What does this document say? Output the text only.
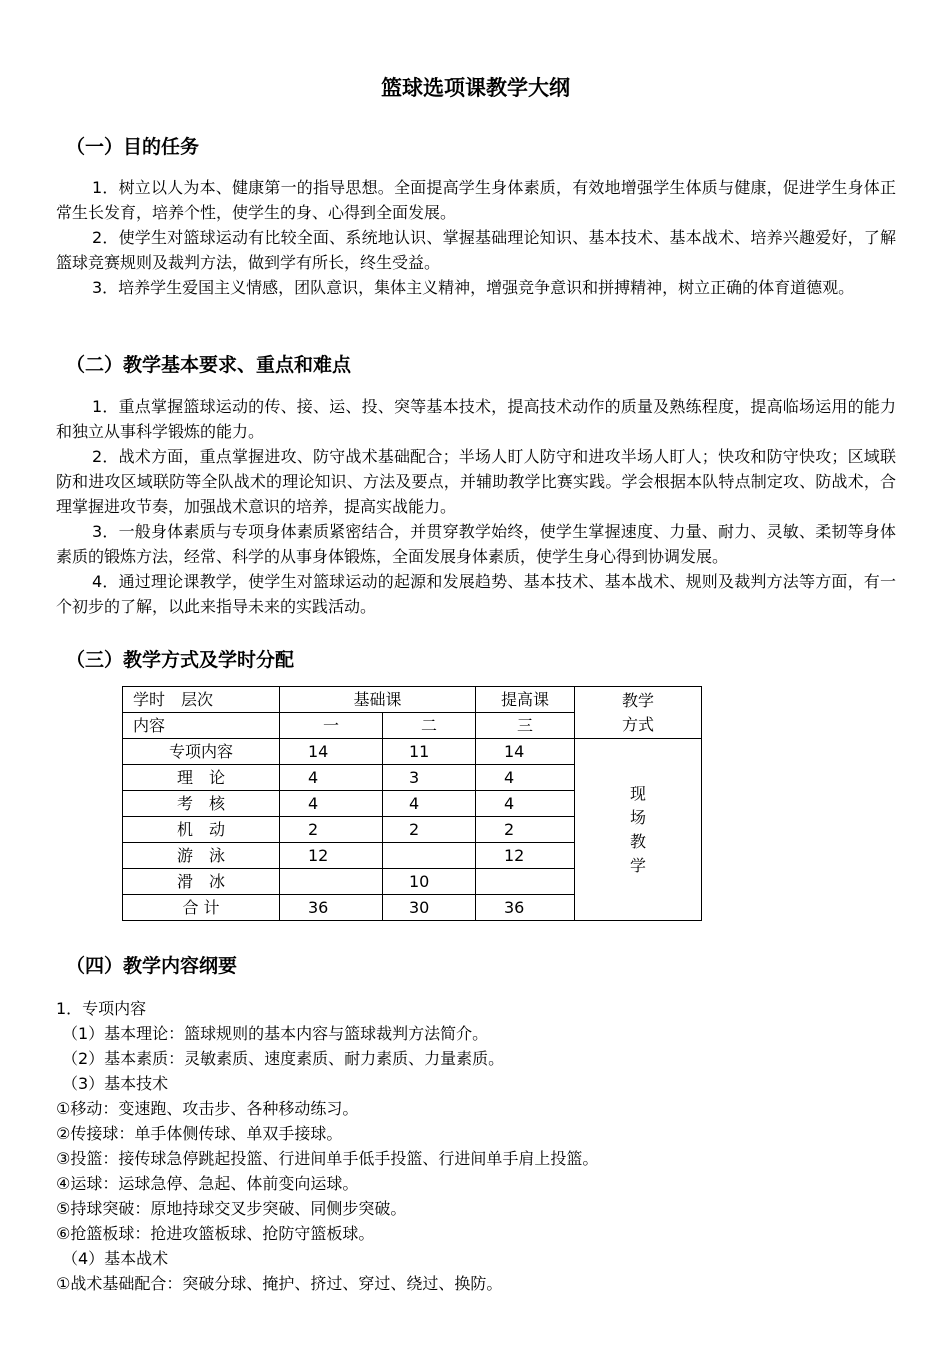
篮球选项课教学大纲
（一）目的任务
1．树立以人为本、健康第一的指导思想。全面提高学生身体素质，有效地增强学生体质与健康，促进学生身体正常生长发育，培养个性，使学生的身、心得到全面发展。
2．使学生对篮球运动有比较全面、系统地认识、掌握基础理论知识、基本技术、基本战术、培养兴趣爱好，了解篮球竞赛规则及裁判方法，做到学有所长，终生受益。
3．培养学生爱国主义情感，团队意识，集体主义精神，增强竞争意识和拼搏精神，树立正确的体育道德观。
（二）教学基本要求、重点和难点
1．重点掌握篮球运动的传、接、运、投、突等基本技术，提高技术动作的质量及熟练程度，提高临场运用的能力和独立从事科学锻炼的能力。
2．战术方面，重点掌握进攻、防守战术基础配合；半场人盯人防守和进攻半场人盯人；快攻和防守快攻；区域联防和进攻区域联防等全队战术的理论知识、方法及要点，并辅助教学比赛实践。学会根据本队特点制定攻、防战术，合理掌握进攻节奏，加强战术意识的培养，提高实战能力。
3．一般身体素质与专项身体素质紧密结合，并贯穿教学始终，使学生掌握速度、力量、耐力、灵敏、柔韧等身体素质的锻炼方法，经常、科学的从事身体锻炼，全面发展身体素质，使学生身心得到协调发展。
4．通过理论课教学，使学生对篮球运动的起源和发展趋势、基本技术、基本战术、规则及裁判方法等方面，有一个初步的了解，以此来指导未来的实践活动。
（三）教学方式及学时分配
学时　层次	基础课		提高课	教学
方式

内容	一	二	三	
专项内容	14	11	14	现
场
教
学

理　论	4	3	4	
考　核	4	4	4	
机　动	2	2	2	
游　泳	12		12	
滑　冰		10		
合 计	36	30	36	
（四）教学内容纲要
1．专项内容
（1）基本理论：篮球规则的基本内容与篮球裁判方法简介。
（2）基本素质：灵敏素质、速度素质、耐力素质、力量素质。
（3）基本技术
①移动：变速跑、攻击步、各种移动练习。
②传接球：单手体侧传球、单双手接球。
③投篮：接传球急停跳起投篮、行进间单手低手投篮、行进间单手肩上投篮。
④运球：运球急停、急起、体前变向运球。
⑤持球突破：原地持球交叉步突破、同侧步突破。
⑥抢篮板球：抢进攻篮板球、抢防守篮板球。
（4）基本战术
①战术基础配合：突破分球、掩护、挤过、穿过、绕过、换防。
